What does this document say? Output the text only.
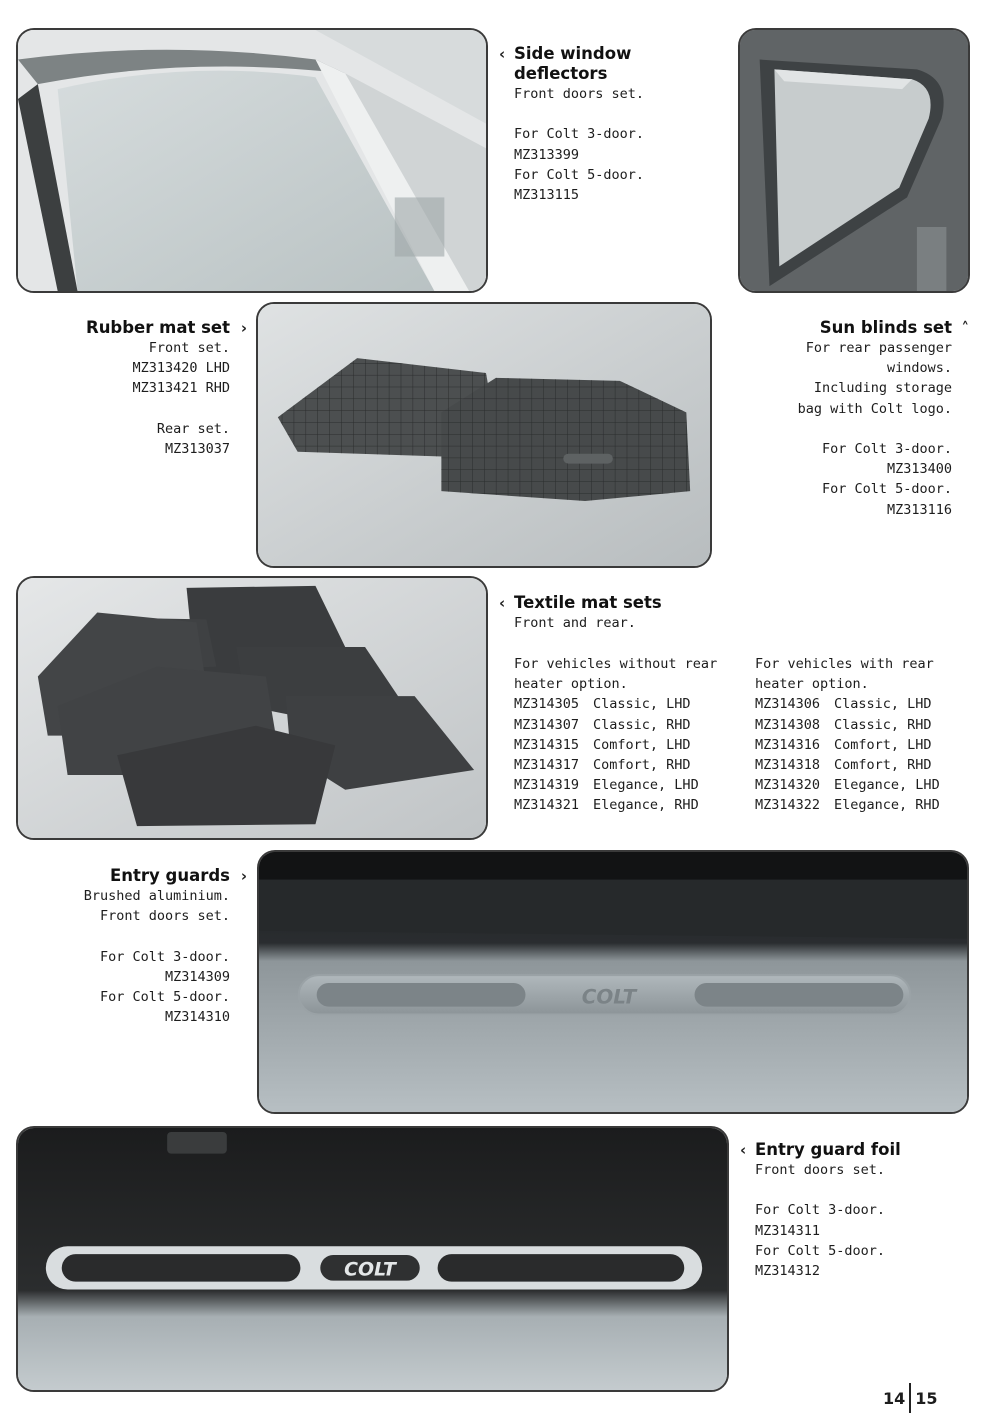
COLT
COLT
‹ Side window
deflectors
Front doors set.
For Colt 3-door.
MZ313399
For Colt 5-door.
MZ313115
Rubber mat set ›
Front set.
MZ313420 LHD
MZ313421 RHD
Rear set.
MZ313037
Sun blinds set ˄
For rear passenger
windows.
Including storage
bag with Colt logo.
For Colt 3-door.
MZ313400
For Colt 5-door.
MZ313116
‹ Textile mat sets
Front and rear.
For vehicles without rear
heater option.
MZ314305	Classic, LHD
MZ314307	Classic, RHD
MZ314315	Comfort, LHD
MZ314317	Comfort, RHD
MZ314319	Elegance, LHD
MZ314321	Elegance, RHD
For vehicles with rear
heater option.
MZ314306	Classic, LHD
MZ314308	Classic, RHD
MZ314316	Comfort, LHD
MZ314318	Comfort, RHD
MZ314320	Elegance, LHD
MZ314322	Elegance, RHD
Entry guards ›
Brushed aluminium.
Front doors set.
For Colt 3-door.
MZ314309
For Colt 5-door.
MZ314310
‹ Entry guard foil
Front doors set.
For Colt 3-door.
MZ314311
For Colt 5-door.
MZ314312
14 15
